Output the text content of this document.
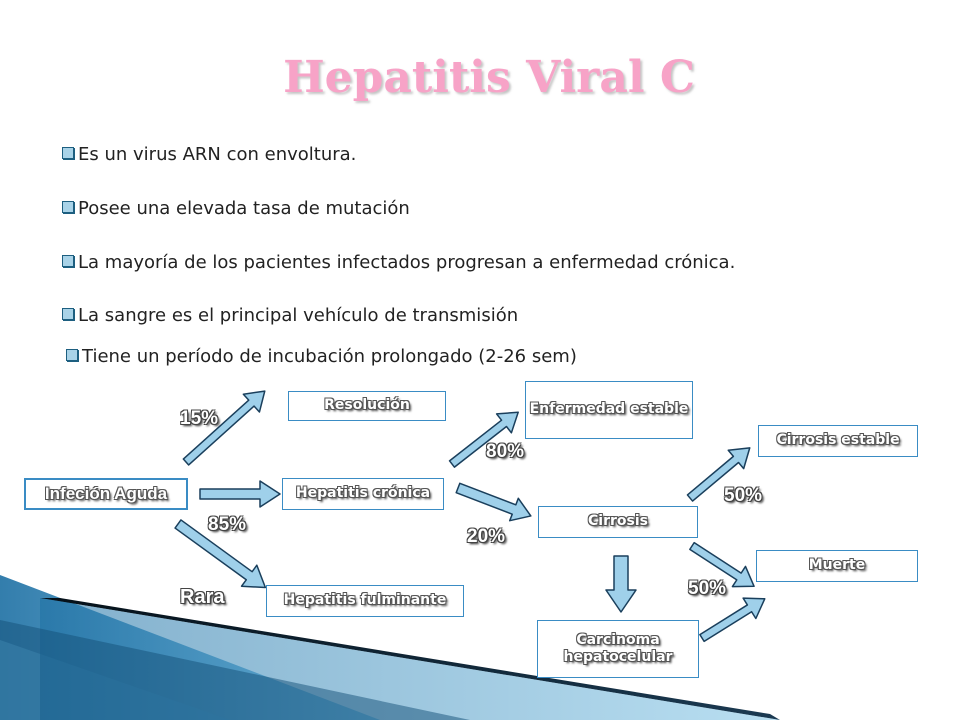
Hepatitis Viral C
Es un virus ARN con envoltura.
Posee una elevada tasa de mutación
La mayoría de los pacientes infectados progresan a enfermedad crónica.
La sangre es el principal vehículo de transmisión
Tiene un período de incubación prolongado (2-26 sem)
Infeción Aguda
Resolución
Hepatitis crónica
Hepatitis fulminante
Enfermedad estable
Cirrosis
Cirrosis estable
Muerte
Carcinoma hepatocelular
15%
85%
Rara
80%
20%
50%
50%
